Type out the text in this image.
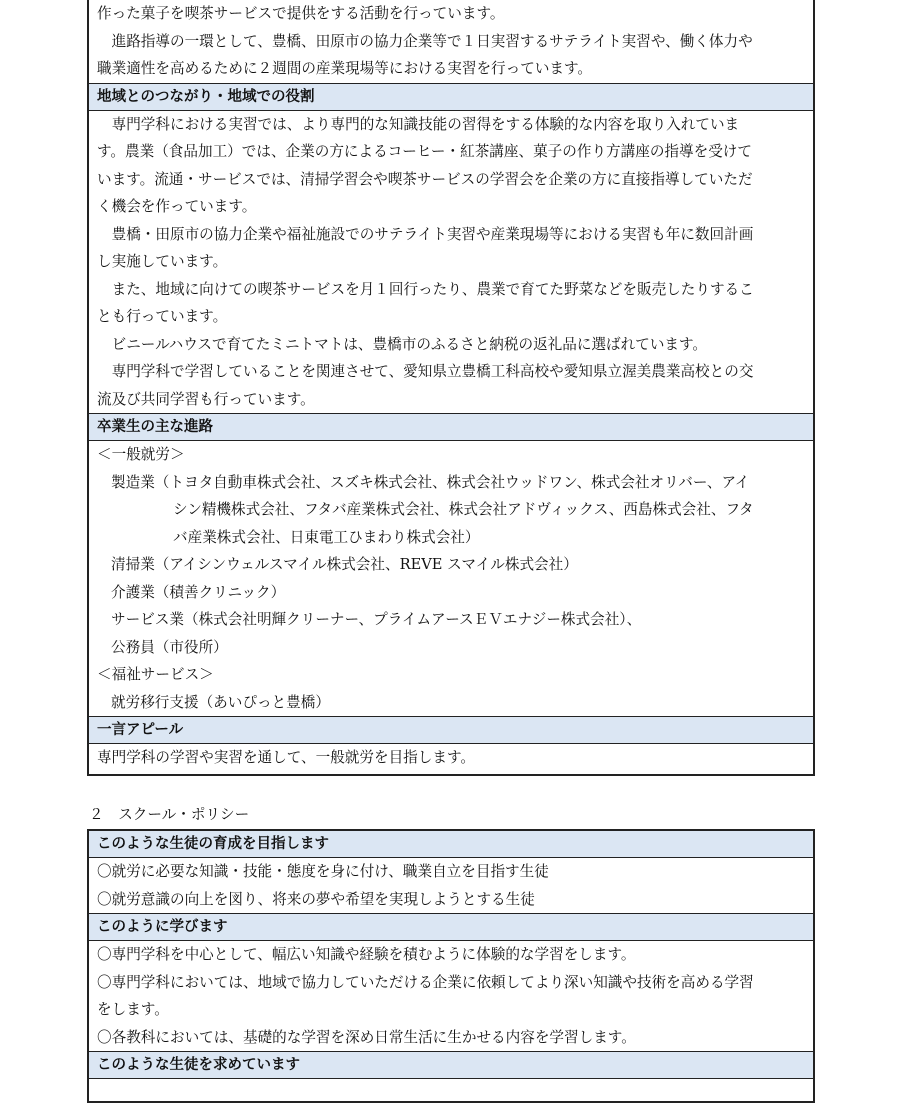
作った菓子を喫茶サービスで提供をする活動を行っています。
　進路指導の一環として、豊橋、田原市の協力企業等で１日実習するサテライト実習や、働く体力や
職業適性を高めるために２週間の産業現場等における実習を行っています。
地域とのつながり・地域での役割
　専門学科における実習では、より専門的な知識技能の習得をする体験的な内容を取り入れていま
す。農業（食品加工）では、企業の方によるコーヒー・紅茶講座、菓子の作り方講座の指導を受けて
います。流通・サービスでは、清掃学習会や喫茶サービスの学習会を企業の方に直接指導していただ
く機会を作っています。
　豊橋・田原市の協力企業や福祉施設でのサテライト実習や産業現場等における実習も年に数回計画
し実施しています。
　また、地域に向けての喫茶サービスを月１回行ったり、農業で育てた野菜などを販売したりするこ
とも行っています。
　ビニールハウスで育てたミニトマトは、豊橋市のふるさと納税の返礼品に選ばれています。
　専門学科で学習していることを関連させて、愛知県立豊橋工科高校や愛知県立渥美農業高校との交
流及び共同学習も行っています。
卒業生の主な進路
＜一般就労＞
製造業（トヨタ自動車株式会社、スズキ株式会社、株式会社ウッドワン、株式会社オリバー、アイ
シン精機株式会社、フタバ産業株式会社、株式会社アドヴィックス、西島株式会社、フタ
バ産業株式会社、日東電工ひまわり株式会社）
清掃業（アイシンウェルスマイル株式会社、REVE スマイル株式会社）
介護業（積善クリニック）
サービス業（株式会社明輝クリーナー、プライムアースＥＶエナジー株式会社）、
公務員（市役所）
＜福祉サービス＞
就労移行支援（あいぴっと豊橋）
一言アピール
専門学科の学習や実習を通して、一般就労を目指します。
２　スクール・ポリシー
このような生徒の育成を目指します
〇就労に必要な知識・技能・態度を身に付け、職業自立を目指す生徒
〇就労意識の向上を図り、将来の夢や希望を実現しようとする生徒
このように学びます
〇専門学科を中心として、幅広い知識や経験を積むように体験的な学習をします。
〇専門学科においては、地域で協力していただける企業に依頼してより深い知識や技術を高める学習
をします。
〇各教科においては、基礎的な学習を深め日常生活に生かせる内容を学習します。
このような生徒を求めています
